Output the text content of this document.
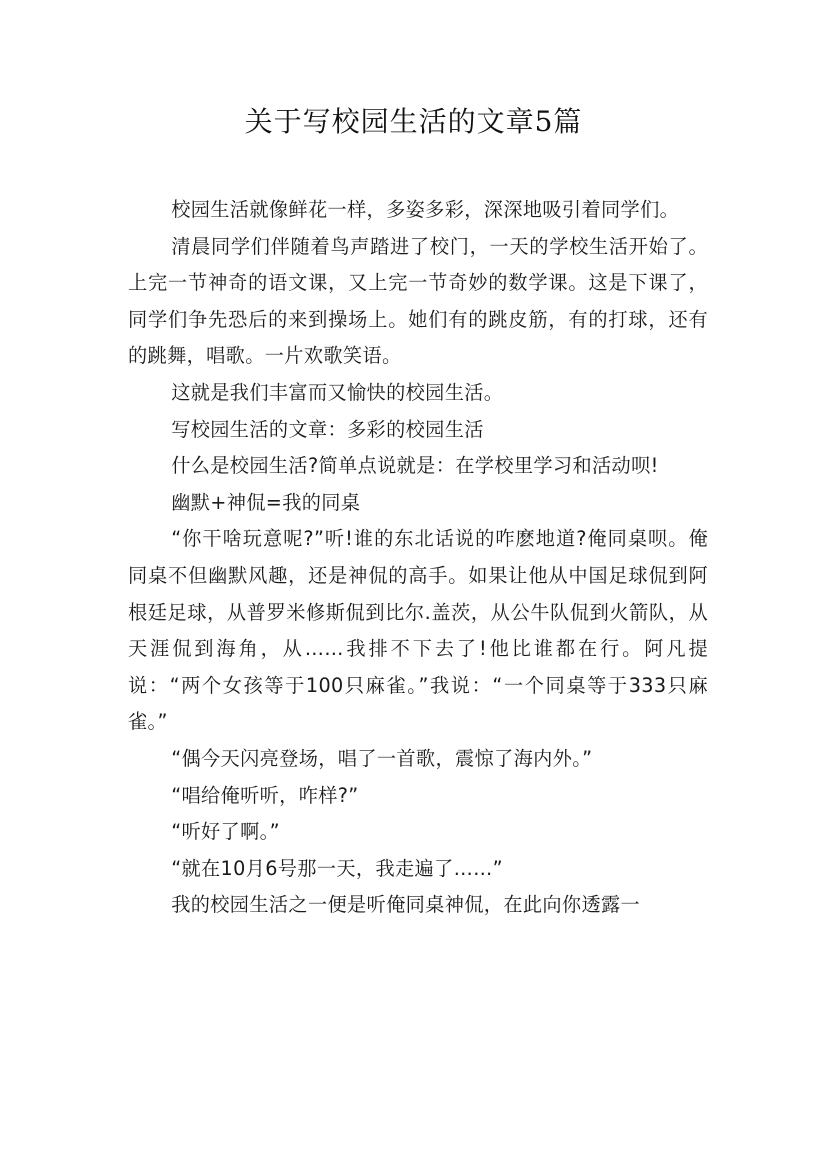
关于写校园生活的文章5篇

校园生活就像鲜花一样，多姿多彩，深深地吸引着同学们。

清晨同学们伴随着鸟声踏进了校门，一天的学校生活开始了。上完一节神奇的语文课，又上完一节奇妙的数学课。这是下课了，同学们争先恐后的来到操场上。她们有的跳皮筋，有的打球，还有的跳舞，唱歌。一片欢歌笑语。

这就是我们丰富而又愉快的校园生活。

写校园生活的文章：多彩的校园生活

什么是校园生活?简单点说就是：在学校里学习和活动呗!

幽默+神侃=我的同桌

“你干啥玩意呢?”听!谁的东北话说的咋麽地道?俺同桌呗。俺同桌不但幽默风趣，还是神侃的高手。如果让他从中国足球侃到阿根廷足球，从普罗米修斯侃到比尔.盖茨，从公牛队侃到火箭队，从天涯侃到海角，从……我排不下去了!他比谁都在行。阿凡提说：“两个女孩等于100只麻雀。”我说：“一个同桌等于333只麻雀。”

“偶今天闪亮登场，唱了一首歌，震惊了海内外。”

“唱给俺听听，咋样?”

“听好了啊。”

“就在10月6号那一天，我走遍了……”

我的校园生活之一便是听俺同桌神侃，在此向你透露一
